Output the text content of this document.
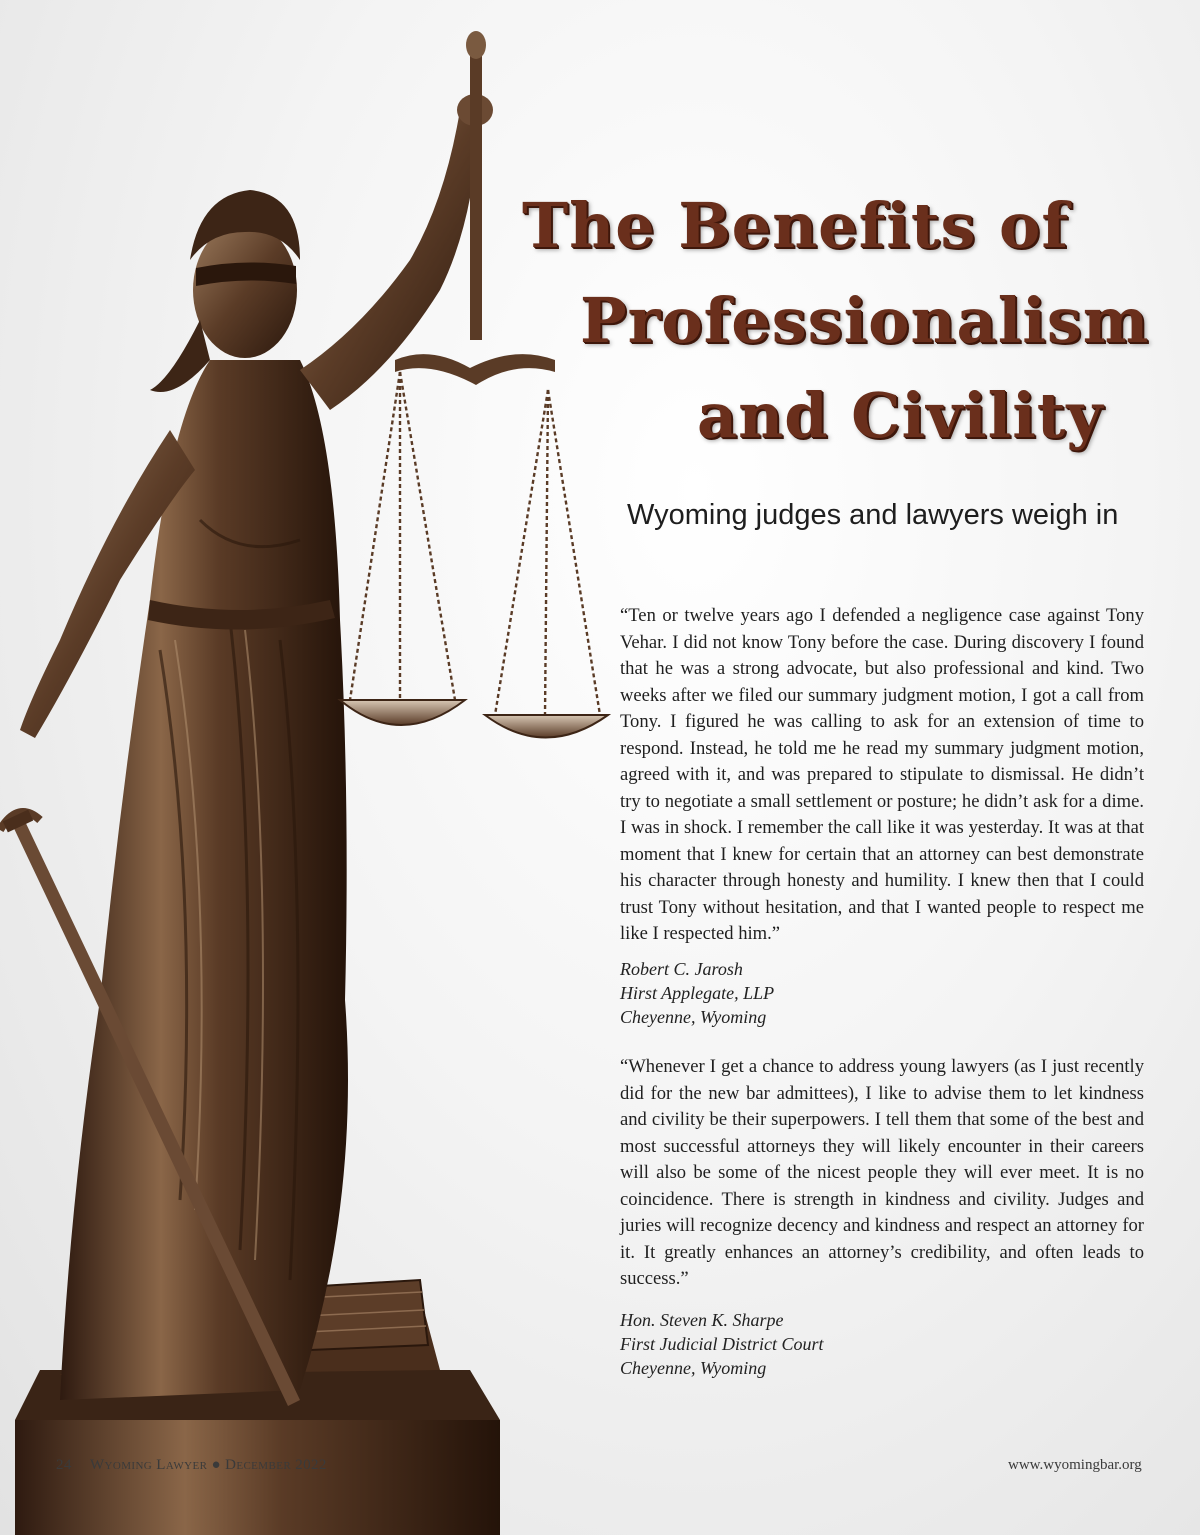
The Benefits of
Professionalism
and Civility

Wyoming judges and lawyers weigh in

“Ten or twelve years ago I defended a negligence case against Tony Vehar. I did not know Tony before the case. During discovery I found that he was a strong advocate, but also professional and kind. Two weeks after we filed our summary judgment motion, I got a call from Tony. I figured he was calling to ask for an extension of time to respond. Instead, he told me he read my summary judgment motion, agreed with it, and was prepared to stipulate to dismissal. He didn’t try to negotiate a small settlement or posture; he didn’t ask for a dime. I was in shock. I remember the call like it was yesterday. It was at that moment that I knew for certain that an attorney can best demonstrate his character through honesty and humility. I knew then that I could trust Tony without hesitation, and that I wanted people to respect me like I respected him.”

Robert C. Jarosh
Hirst Applegate, LLP
Cheyenne, Wyoming

“Whenever I get a chance to address young lawyers (as I just recently did for the new bar admittees), I like to advise them to let kindness and civility be their superpowers. I tell them that some of the best and most successful attorneys they will likely encounter in their careers will also be some of the nicest people they will ever meet. It is no coincidence. There is strength in kindness and civility. Judges and juries will recognize decency and kindness and respect an attorney for it. It greatly enhances an attorney’s credibility, and often leads to success.”

Hon. Steven K. Sharpe
First Judicial District Court
Cheyenne, Wyoming
24 Wyoming Lawyer ● December 2022	www.wyomingbar.org
